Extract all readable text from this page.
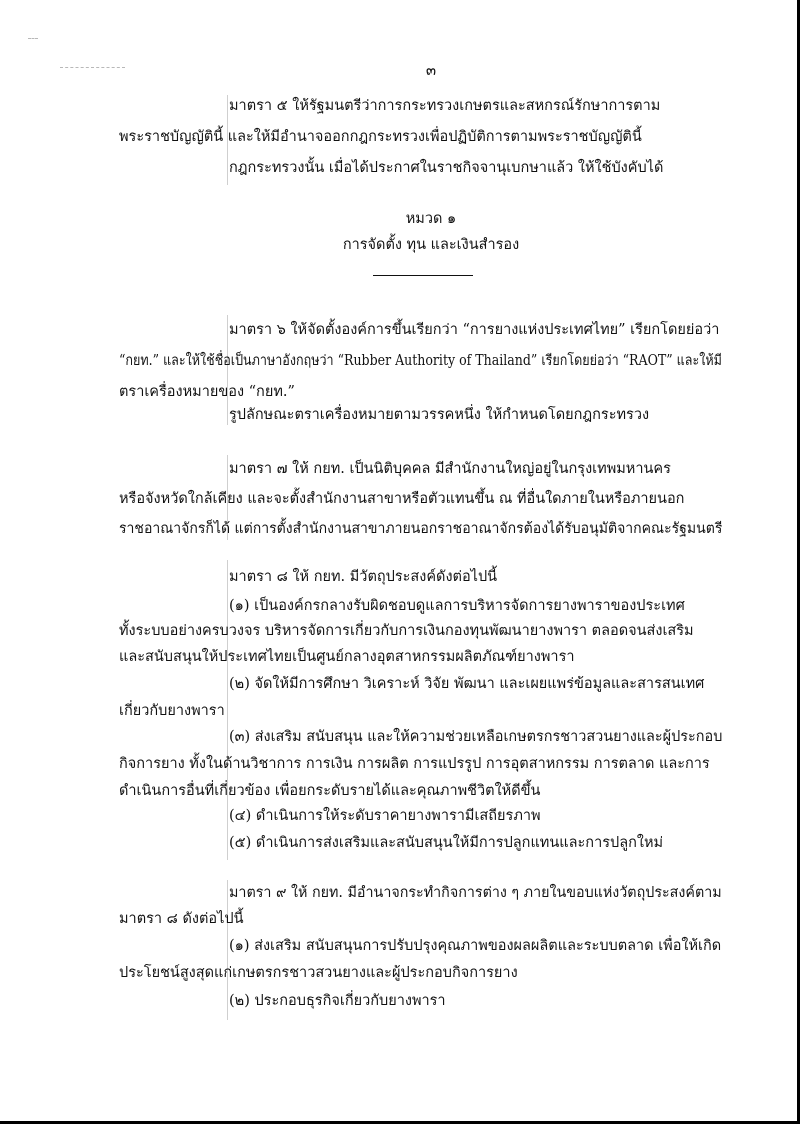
๓
มาตรา ๕ ให้รัฐมนตรีว่าการกระทรวงเกษตรและสหกรณ์รักษาการตาม
พระราชบัญญัตินี้ และให้มีอำนาจออกกฎกระทรวงเพื่อปฏิบัติการตามพระราชบัญญัตินี้
กฎกระทรวงนั้น เมื่อได้ประกาศในราชกิจจานุเบกษาแล้ว ให้ใช้บังคับได้
หมวด ๑
การจัดตั้ง ทุน และเงินสำรอง
มาตรา ๖ ให้จัดตั้งองค์การขึ้นเรียกว่า “การยางแห่งประเทศไทย” เรียกโดยย่อว่า
“กยท.” และให้ใช้ชื่อเป็นภาษาอังกฤษว่า “Rubber Authority of Thailand” เรียกโดยย่อว่า “RAOT” และให้มี
ตราเครื่องหมายของ “กยท.”
รูปลักษณะตราเครื่องหมายตามวรรคหนึ่ง ให้กำหนดโดยกฎกระทรวง
มาตรา ๗ ให้ กยท. เป็นนิติบุคคล มีสำนักงานใหญ่อยู่ในกรุงเทพมหานคร
หรือจังหวัดใกล้เคียง และจะตั้งสำนักงานสาขาหรือตัวแทนขึ้น ณ ที่อื่นใดภายในหรือภายนอก
ราชอาณาจักรก็ได้ แต่การตั้งสำนักงานสาขาภายนอกราชอาณาจักรต้องได้รับอนุมัติจากคณะรัฐมนตรี
มาตรา ๘ ให้ กยท. มีวัตถุประสงค์ดังต่อไปนี้
(๑) เป็นองค์กรกลางรับผิดชอบดูแลการบริหารจัดการยางพาราของประเทศ
ทั้งระบบอย่างครบวงจร บริหารจัดการเกี่ยวกับการเงินกองทุนพัฒนายางพารา ตลอดจนส่งเสริม
และสนับสนุนให้ประเทศไทยเป็นศูนย์กลางอุตสาหกรรมผลิตภัณฑ์ยางพารา
(๒) จัดให้มีการศึกษา วิเคราะห์ วิจัย พัฒนา และเผยแพร่ข้อมูลและสารสนเทศ
เกี่ยวกับยางพารา
(๓) ส่งเสริม สนับสนุน และให้ความช่วยเหลือเกษตรกรชาวสวนยางและผู้ประกอบ
กิจการยาง ทั้งในด้านวิชาการ การเงิน การผลิต การแปรรูป การอุตสาหกรรม การตลาด และการ
ดำเนินการอื่นที่เกี่ยวข้อง เพื่อยกระดับรายได้และคุณภาพชีวิตให้ดีขึ้น
(๔) ดำเนินการให้ระดับราคายางพารามีเสถียรภาพ
(๕) ดำเนินการส่งเสริมและสนับสนุนให้มีการปลูกแทนและการปลูกใหม่
มาตรา ๙ ให้ กยท. มีอำนาจกระทำกิจการต่าง ๆ ภายในขอบแห่งวัตถุประสงค์ตาม
มาตรา ๘ ดังต่อไปนี้
(๑) ส่งเสริม สนับสนุนการปรับปรุงคุณภาพของผลผลิตและระบบตลาด เพื่อให้เกิด
ประโยชน์สูงสุดแก่เกษตรกรชาวสวนยางและผู้ประกอบกิจการยาง
(๒) ประกอบธุรกิจเกี่ยวกับยางพารา
